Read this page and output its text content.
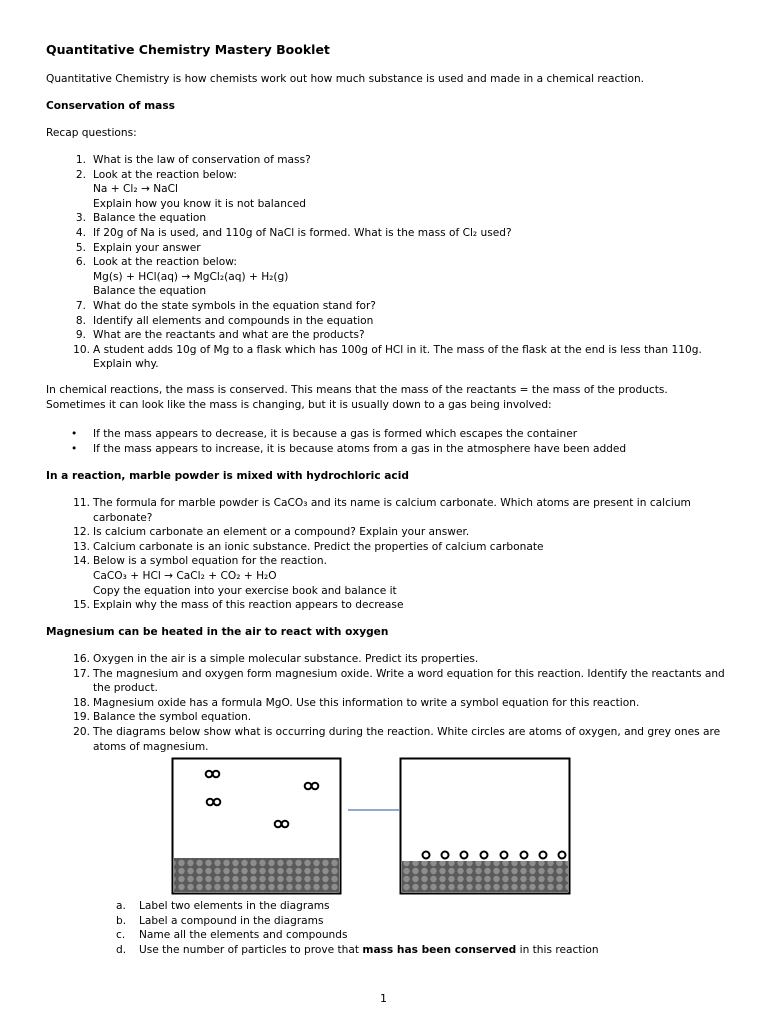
Quantitative Chemistry Mastery Booklet
Quantitative Chemistry is how chemists work out how much substance is used and made in a chemical reaction.
Conservation of mass
Recap questions:
1. What is the law of conservation of mass?
2. Look at the reaction below:
Na + Cl₂ → NaCl
Explain how you know it is not balanced
3. Balance the equation
4. If 20g of Na is used, and 110g of NaCl is formed. What is the mass of Cl₂ used?
5. Explain your answer
6. Look at the reaction below:
Mg(s) + HCl(aq) → MgCl₂(aq) + H₂(g)
Balance the equation
7. What do the state symbols in the equation stand for?
8. Identify all elements and compounds in the equation
9. What are the reactants and what are the products?
10. A student adds 10g of Mg to a flask which has 100g of HCl in it. The mass of the flask at the end is less than 110g.
Explain why.
In chemical reactions, the mass is conserved. This means that the mass of the reactants = the mass of the products. Sometimes it can look like the mass is changing, but it is usually down to a gas being involved:
• If the mass appears to decrease, it is because a gas is formed which escapes the container
• If the mass appears to increase, it is because atoms from a gas in the atmosphere have been added
In a reaction, marble powder is mixed with hydrochloric acid
11. The formula for marble powder is CaCO₃ and its name is calcium carbonate. Which atoms are present in calcium carbonate?
12. Is calcium carbonate an element or a compound? Explain your answer.
13. Calcium carbonate is an ionic substance. Predict the properties of calcium carbonate
14. Below is a symbol equation for the reaction.
CaCO₃ + HCl → CaCl₂ + CO₂ + H₂O
Copy the equation into your exercise book and balance it
15. Explain why the mass of this reaction appears to decrease
Magnesium can be heated in the air to react with oxygen
16. Oxygen in the air is a simple molecular substance. Predict its properties.
17. The magnesium and oxygen form magnesium oxide. Write a word equation for this reaction. Identify the reactants and the product.
18. Magnesium oxide has a formula MgO. Use this information to write a symbol equation for this reaction.
19. Balance the symbol equation.
20. The diagrams below show what is occurring during the reaction. White circles are atoms of oxygen, and grey ones are atoms of magnesium.
a. Label two elements in the diagrams
b. Label a compound in the diagrams
c. Name all the elements and compounds
d. Use the number of particles to prove that mass has been conserved in this reaction
1
